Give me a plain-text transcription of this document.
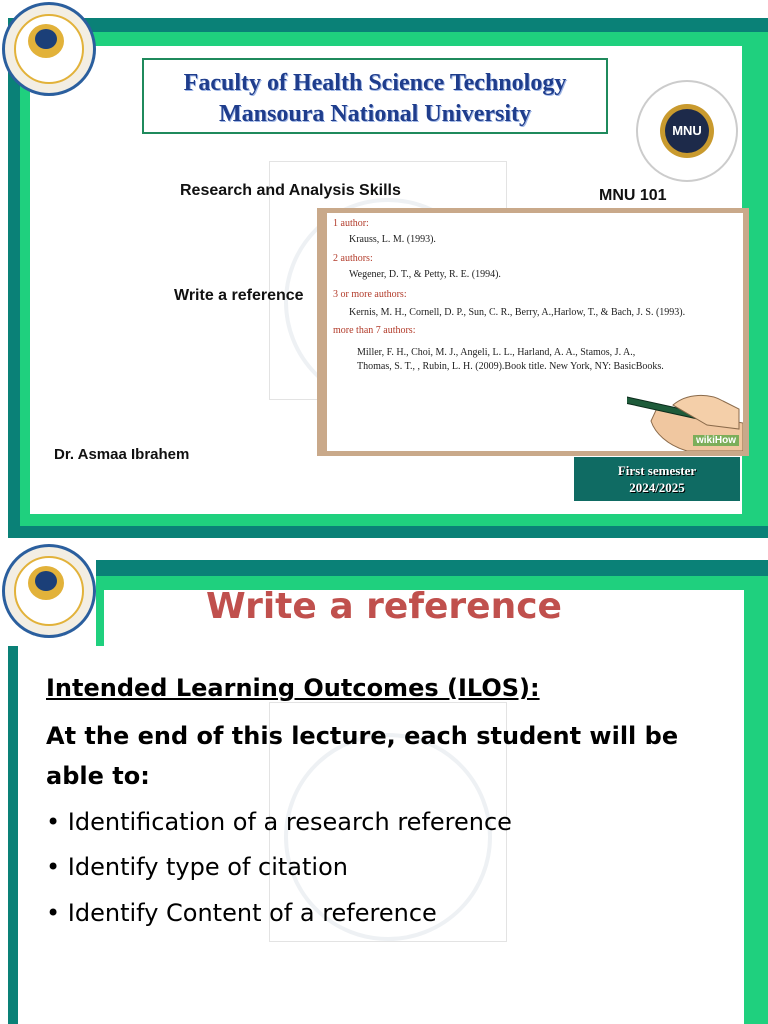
Faculty of Health Science Technology
Mansoura National University
MNU
Research and Analysis Skills	MNU 101
Write a reference
1 author:
Krauss, L. M. (1993).
2 authors:
Wegener, D. T., & Petty, R. E. (1994).
3 or more authors:
Kernis, M. H., Cornell, D. P., Sun, C. R., Berry, A.,Harlow, T., & Bach, J. S. (1993).
more than 7 authors:
Miller, F. H., Choi, M. J., Angeli, L. L., Harland, A. A., Stamos, J. A.,
Thomas, S. T., , Rubin, L. H. (2009).Book title. New York, NY: BasicBooks.
wikiHow
Dr. Asmaa Ibrahem
First semester
2024/2025
Write a reference
Intended Learning Outcomes (ILOS):
At the end of this lecture, each student will be
able to:
• Identification of a research reference
• Identify type of citation
• Identify Content of a reference
